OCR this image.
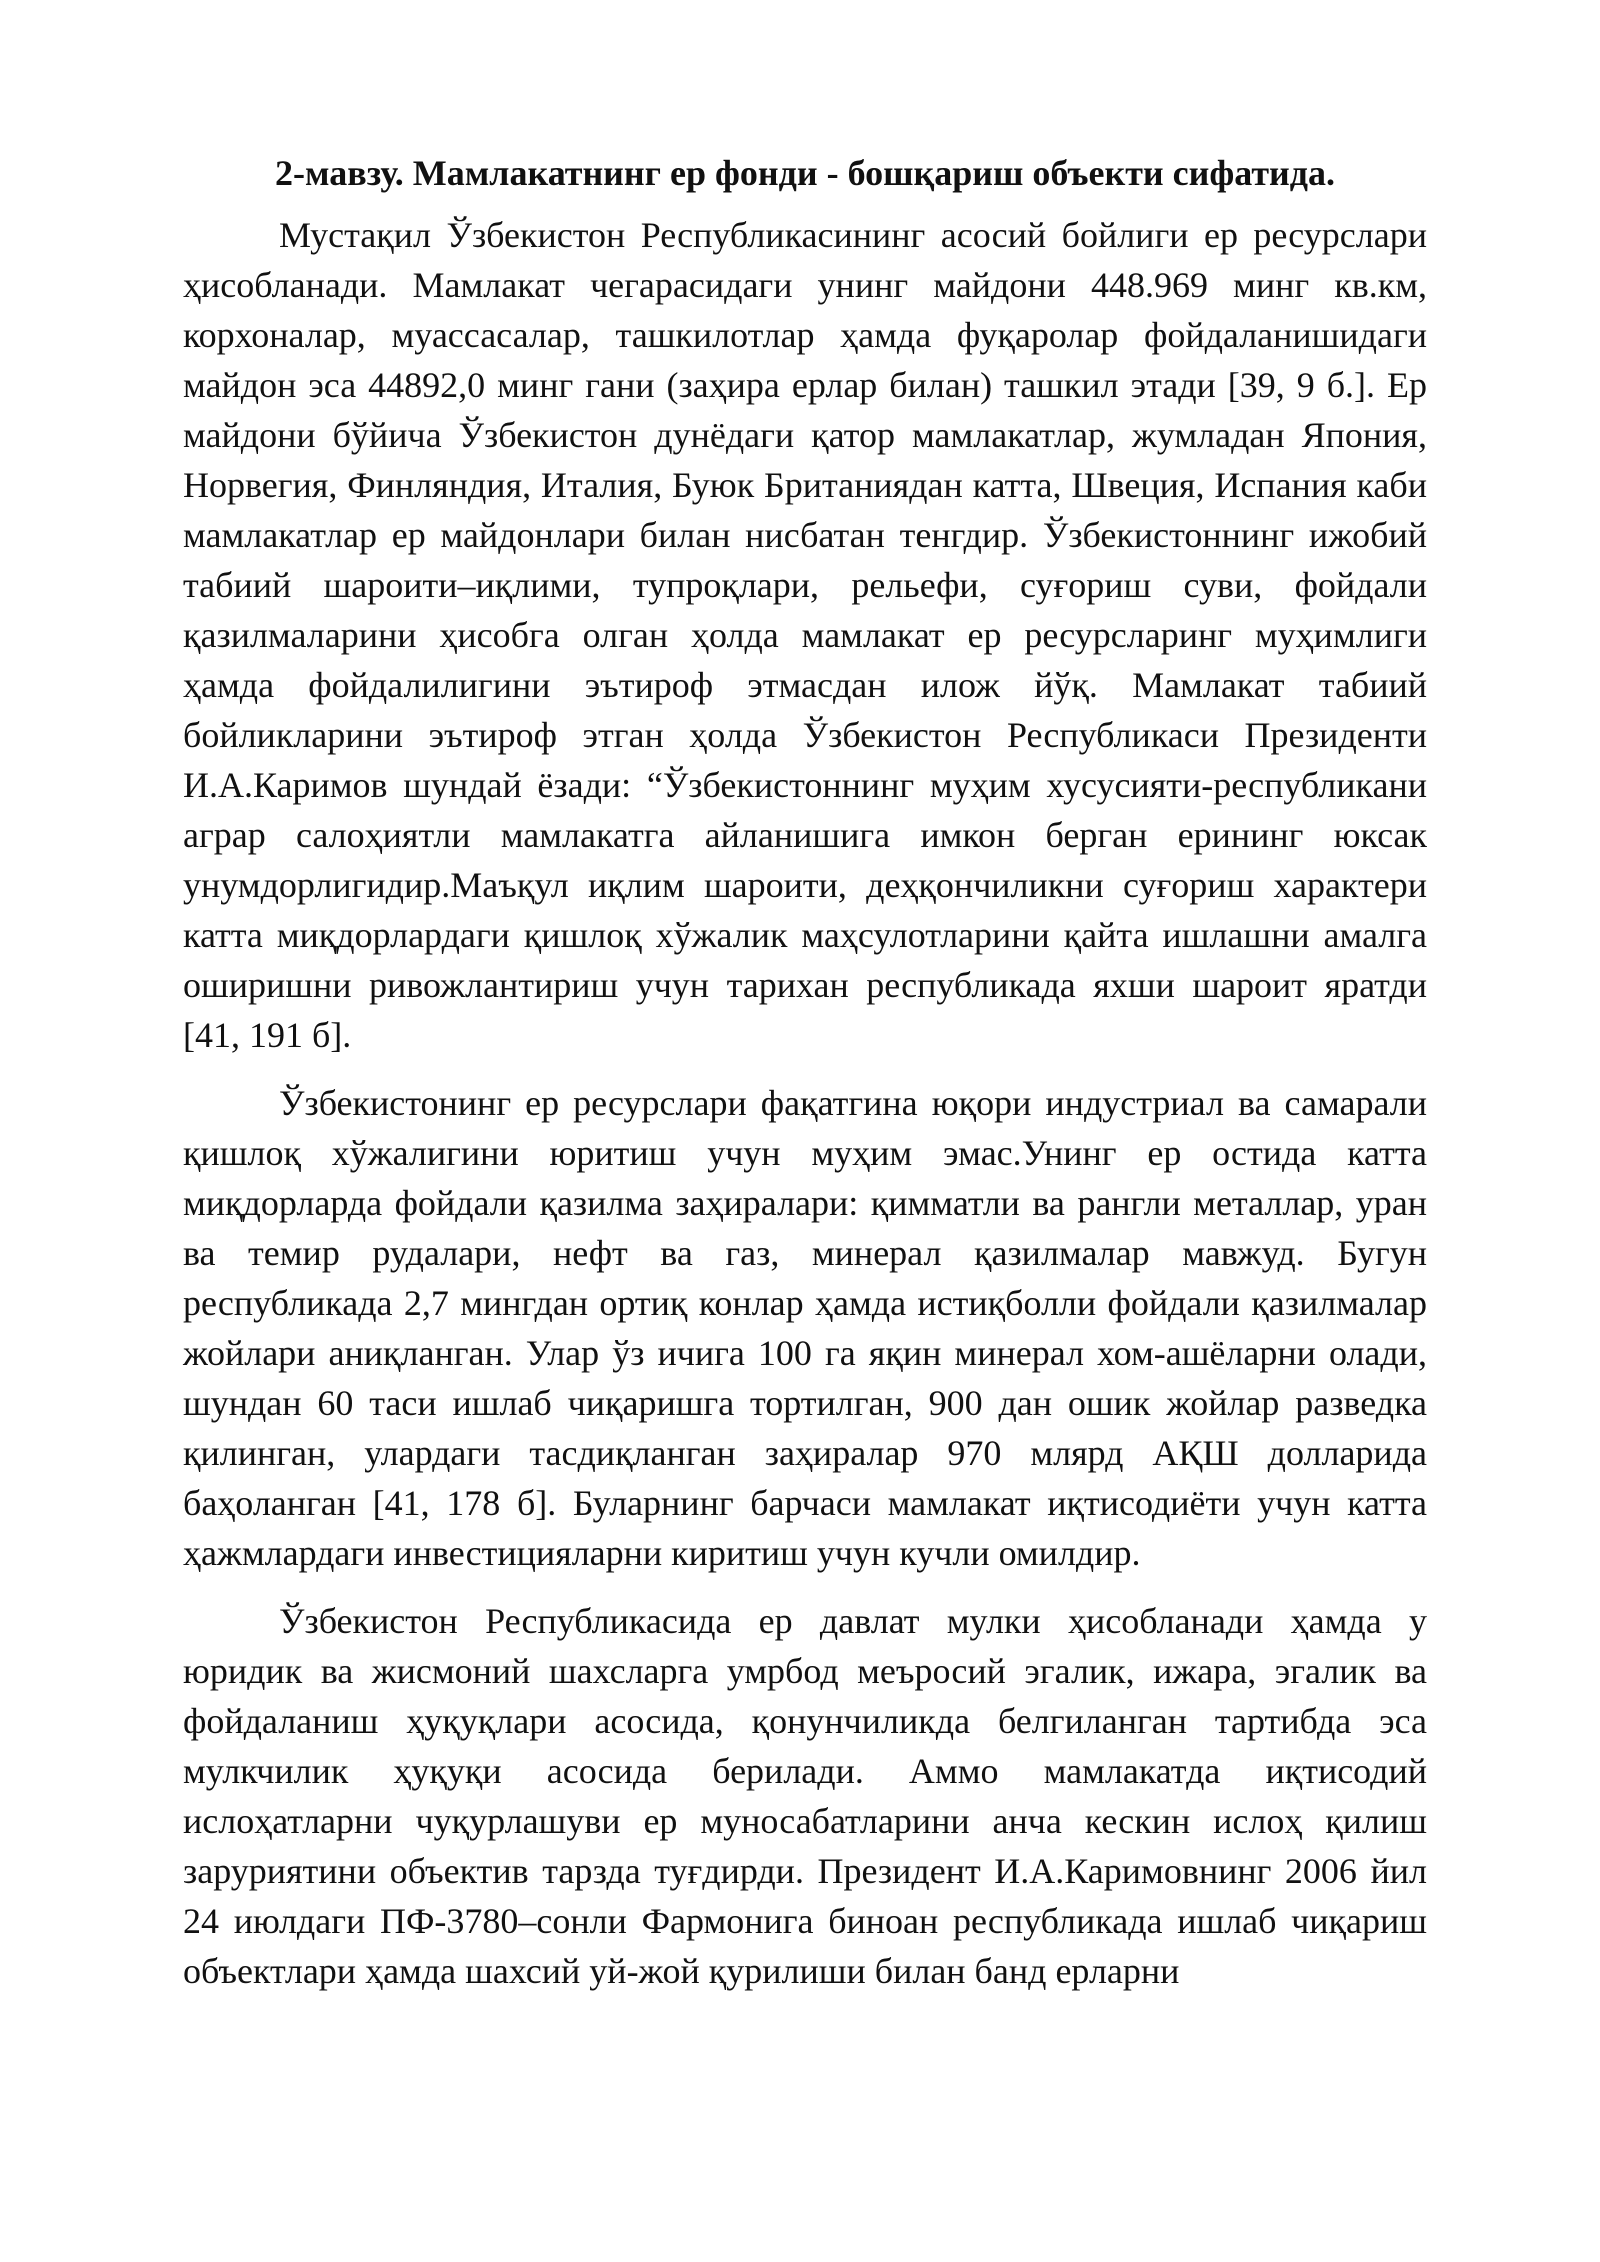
2-мавзу. Мамлакатнинг ер фонди - бошқариш объекти сифатида.

Мустақил Ўзбекистон Республикасининг асосий бойлиги ер ресурслари ҳисобланади. Мамлакат чегарасидаги унинг майдони 448.969 минг кв.км, корхоналар, муассасалар, ташкилотлар ҳамда фуқаролар фойдаланишидаги майдон эса 44892,0 минг гани (заҳира ерлар билан) ташкил этади [39, 9 б.]. Ер майдони бўйича Ўзбекистон дунёдаги қатор мамлакатлар, жумладан Япония, Норвегия, Финляндия, Италия, Буюк Британиядан катта, Швеция, Испания каби мамлакатлар ер майдонлари билан нисбатан тенгдир. Ўзбекистоннинг ижобий табиий шароити–иқлими, тупроқлари, рельефи, суғориш суви, фойдали қазилмаларини ҳисобга олган ҳолда мамлакат ер ресурсларинг муҳимлиги ҳамда фойдалилигини эътироф этмасдан илож йўқ. Мамлакат табиий бойликларини эътироф этган ҳолда Ўзбекистон Республикаси Президенти И.А.Каримов шундай ёзади: “Ўзбекистоннинг муҳим хусусияти-республикани аграр салоҳиятли мамлакатга айланишига имкон берган ерининг юксак унумдорлигидир.Маъқул иқлим шароити, деҳқончиликни суғориш характери катта миқдорлардаги қишлоқ хўжалик маҳсулотларини қайта ишлашни амалга оширишни ривожлантириш учун тарихан республикада яхши шароит яратди [41, 191 б].

Ўзбекистонинг ер ресурслари фақатгина юқори индустриал ва самарали қишлоқ хўжалигини юритиш учун муҳим эмас.Унинг ер остида катта миқдорларда фойдали қазилма заҳиралари: қимматли ва рангли металлар, уран ва темир рудалари, нефт ва газ, минерал қазилмалар мавжуд. Бугун республикада 2,7 мингдан ортиқ конлар ҳамда истиқболли фойдали қазилмалар жойлари аниқланган. Улар ўз ичига 100 га яқин минерал хом-ашёларни олади, шундан 60 таси ишлаб чиқаришга тортилган, 900 дан ошик жойлар разведка қилинган, улардаги тасдиқланган заҳиралар 970 млярд АҚШ долларида баҳоланган [41, 178 б]. Буларнинг барчаси мамлакат иқтисодиёти учун катта ҳажмлардаги инвестицияларни киритиш учун кучли омилдир.

Ўзбекистон Республикасида ер давлат мулки ҳисобланади ҳамда у юридик ва жисмоний шахсларга умрбод меъросий эгалик, ижара, эгалик ва фойдаланиш ҳуқуқлари асосида, қонунчиликда белгиланган тартибда эса мулкчилик ҳуқуқи асосида берилади. Аммо мамлакатда иқтисодий ислоҳатларни чуқурлашуви ер муносабатларини анча кескин ислоҳ қилиш заруриятини объектив тарзда туғдирди. Президент И.А.Каримовнинг 2006 йил 24 июлдаги ПФ-3780–сонли Фармонига биноан республикада ишлаб чиқариш объектлари ҳамда шахсий уй-жой қурилиши билан банд ерларни
